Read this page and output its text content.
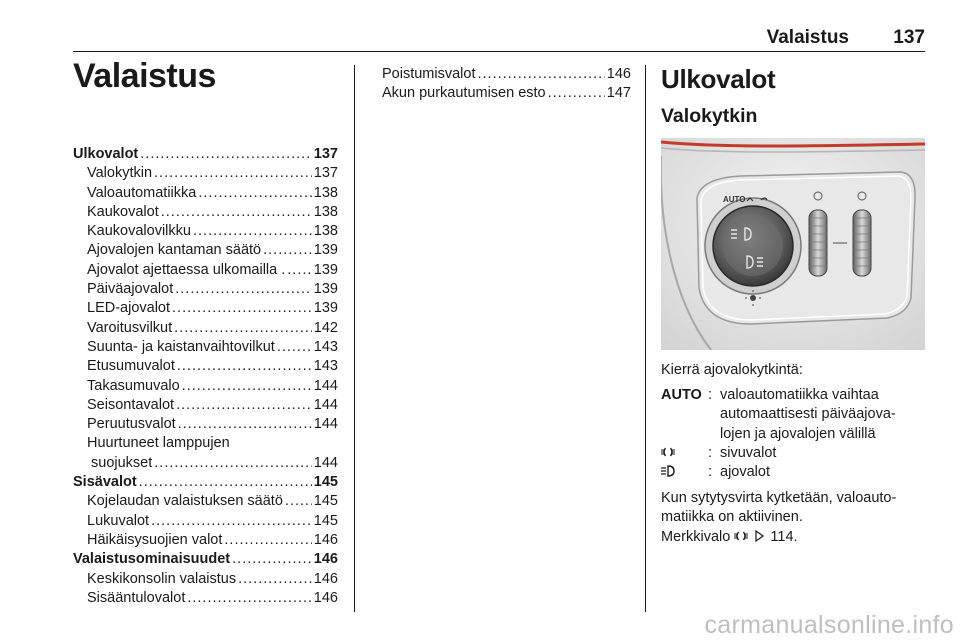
Valaistus 137
Valaistus
Ulkovalot .....	137
Valokytkin .....	137
Valoautomatiikka .....	138
Kaukovalot .....	138
Kaukovalovilkku .....	138
Ajovalojen kantaman säätö .....	139
Ajovalot ajettaessa ulkomailla . ..... 139
Päiväajovalot .....	139
LED-ajovalot .....	139
Varoitusvilkut .....	142
Suunta- ja kaistanvaihtovilkut .....	143
Etusumuvalot .....	143
Takasumuvalo .....	144
Seisontavalot .....	144
Peruutusvalot .....	144
Huurtuneet lamppujen
suojukset .....	144
Sisävalot .....	145
Kojelaudan valaistuksen säätö ..... 145
Lukuvalot .....	145
Häikäisysuojien valot .....	146
Valaistusominaisuudet .....	146
Keskikonsolin valaistus .....	146
Sisääntulovalot .....	146
Poistumisvalot .....	146
Akun purkautumisen esto .....	147 Ulkovalot
Valokytkin
AUTO
Kierrä ajovalokytkintä:
AUTO : valoautomatiikka vaihtaa
automaattisesti päiväajova-
lojen ja ajovalojen välillä
: sivuvalot
: ajovalot
Kun sytytysvirta kytketään, valoauto-matiikka on aktiivinen.
Merkkivalo	114.
carmanualsonline.info
